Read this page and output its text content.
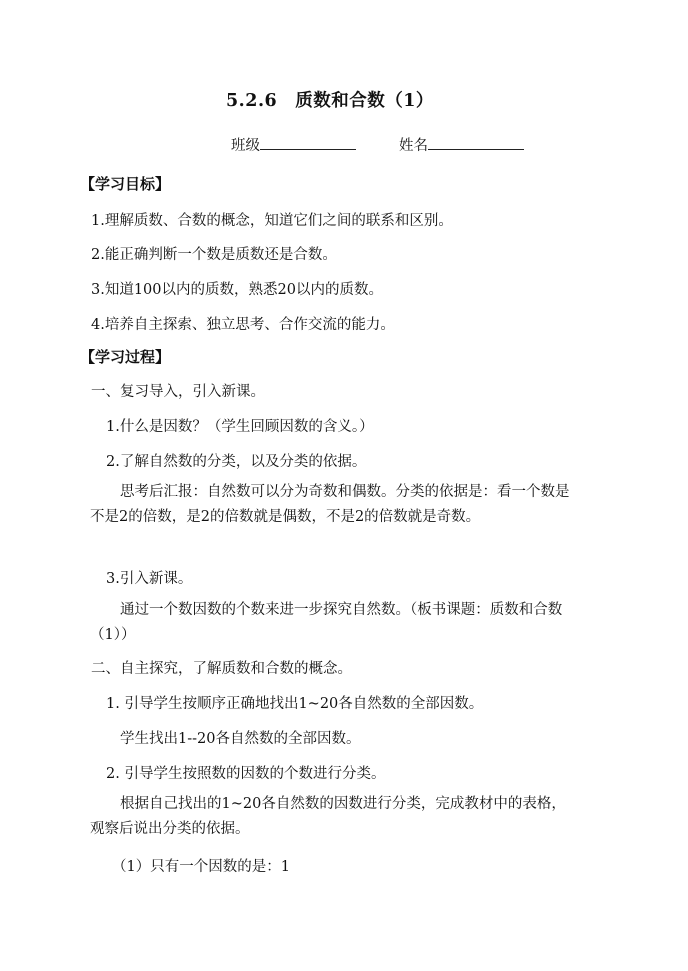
5.2.6　质数和合数（1）
班级	姓名
【学习目标】
1.理解质数、合数的概念，知道它们之间的联系和区别。
2.能正确判断一个数是质数还是合数。
3.知道100以内的质数，熟悉20以内的质数。
4.培养自主探索、独立思考、合作交流的能力。
【学习过程】
一、复习导入，引入新课。
1.什么是因数？（学生回顾因数的含义。）
2.了解自然数的分类，以及分类的依据。
思考后汇报：自然数可以分为奇数和偶数。分类的依据是：看一个数是不是2的倍数，是2的倍数就是偶数，不是2的倍数就是奇数。
3.引入新课。
通过一个数因数的个数来进一步探究自然数。（板书课题：质数和合数（1））
二、自主探究，了解质数和合数的概念。
1. 引导学生按顺序正确地找出1~20各自然数的全部因数。
学生找出1--20各自然数的全部因数。
2. 引导学生按照数的因数的个数进行分类。
根据自己找出的1~20各自然数的因数进行分类，完成教材中的表格，观察后说出分类的依据。
（1）只有一个因数的是：1
